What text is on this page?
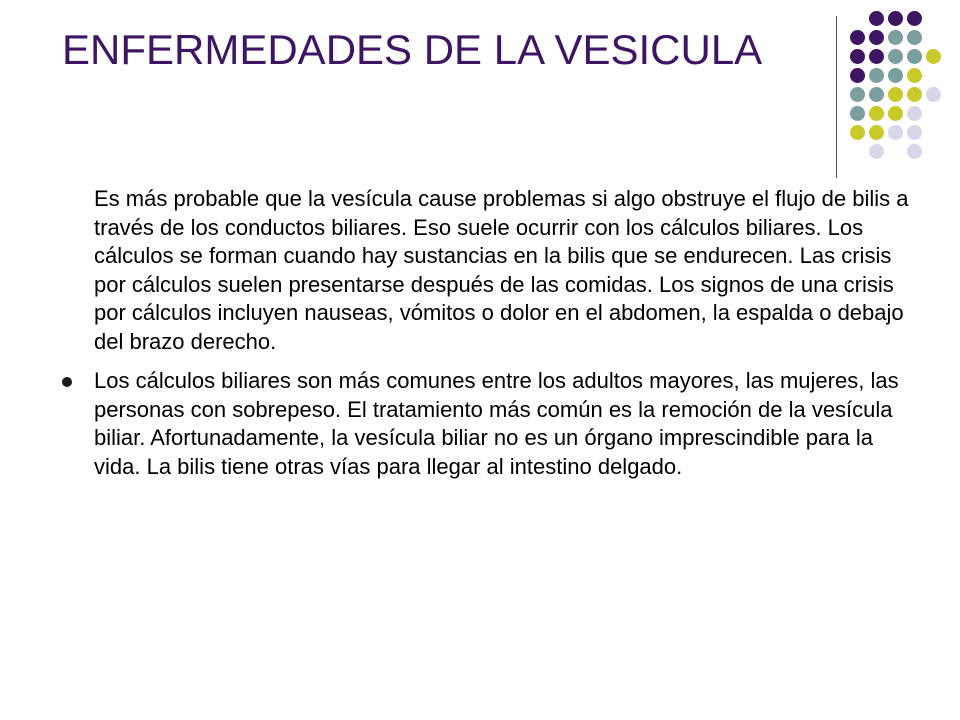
ENFERMEDADES DE LA VESICULA

Es más probable que la vesícula cause problemas si algo obstruye el flujo de bilis a través de los conductos biliares. Eso suele ocurrir con los cálculos biliares. Los cálculos se forman cuando hay sustancias en la bilis que se endurecen. Las crisis por cálculos suelen presentarse después de las comidas. Los signos de una crisis por cálculos incluyen nauseas, vómitos o dolor en el abdomen, la espalda o debajo del brazo derecho.

Los cálculos biliares son más comunes entre los adultos mayores, las mujeres, las personas con sobrepeso. El tratamiento más común es la remoción de la vesícula biliar. Afortunadamente, la vesícula biliar no es un órgano imprescindible para la vida. La bilis tiene otras vías para llegar al intestino delgado.
